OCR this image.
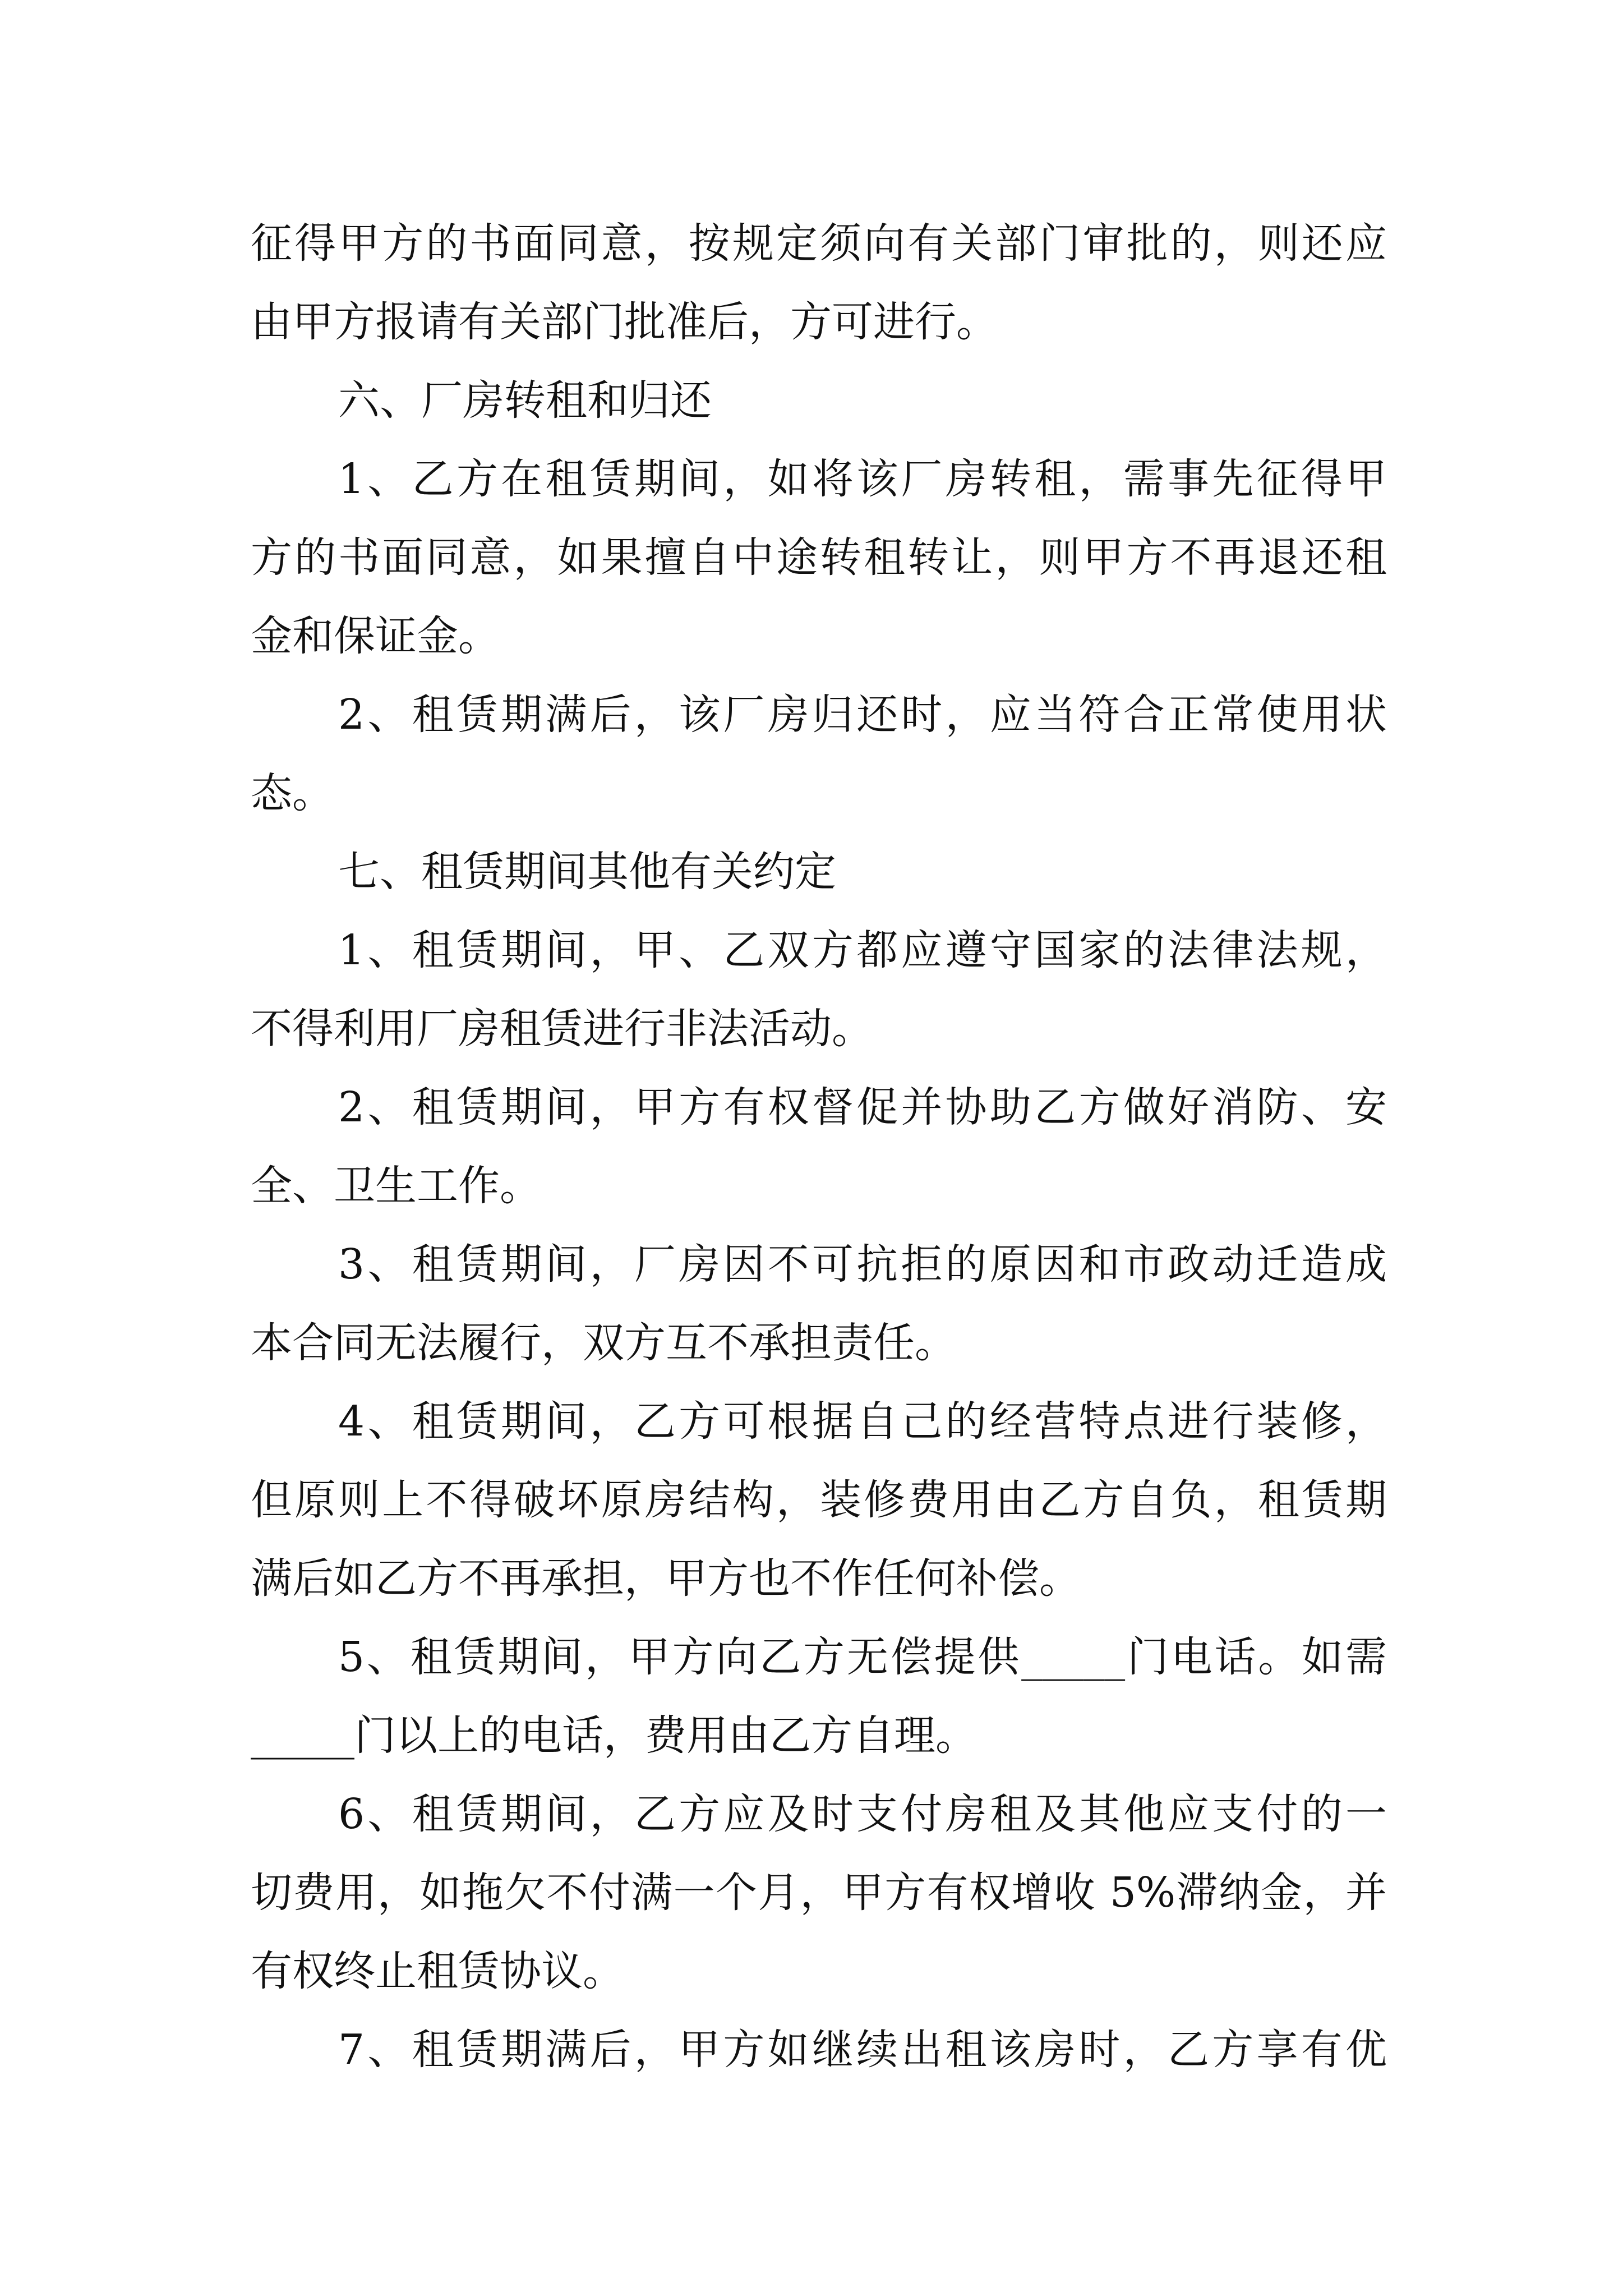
征得甲方的书面同意，按规定须向有关部门审批的，则还应
由甲方报请有关部门批准后，方可进行。
六、厂房转租和归还
1、乙方在租赁期间，如将该厂房转租，需事先征得甲
方的书面同意，如果擅自中途转租转让，则甲方不再退还租
金和保证金。
2、租赁期满后，该厂房归还时，应当符合正常使用状
态。
七、租赁期间其他有关约定
1、租赁期间，甲、乙双方都应遵守国家的法律法规，
不得利用厂房租赁进行非法活动。
2、租赁期间，甲方有权督促并协助乙方做好消防、安
全、卫生工作。
3、租赁期间，厂房因不可抗拒的原因和市政动迁造成
本合同无法履行，双方互不承担责任。
4、租赁期间，乙方可根据自己的经营特点进行装修，
但原则上不得破坏原房结构，装修费用由乙方自负，租赁期
满后如乙方不再承担，甲方也不作任何补偿。
5、租赁期间，甲方向乙方无偿提供_____门电话。如需
_____门以上的电话，费用由乙方自理。
6、租赁期间，乙方应及时支付房租及其他应支付的一
切费用，如拖欠不付满一个月，甲方有权增收 5%滞纳金，并
有权终止租赁协议。
7、租赁期满后，甲方如继续出租该房时，乙方享有优
